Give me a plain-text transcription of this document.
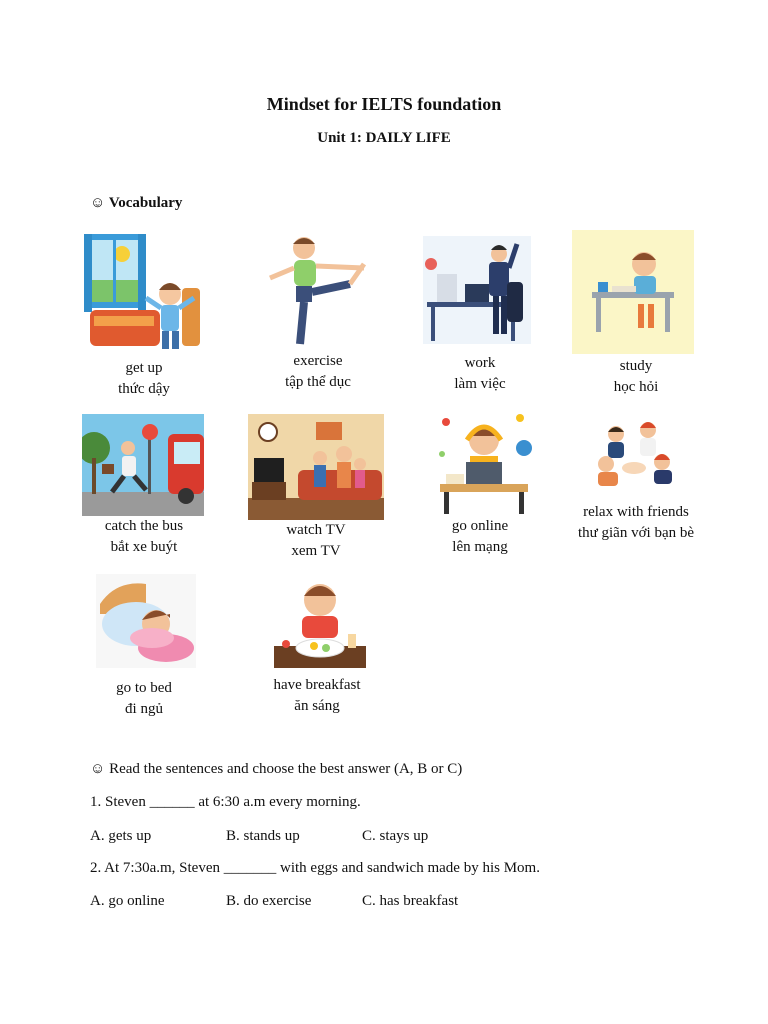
Mindset for IELTS foundation
Unit 1: DAILY LIFE
☺ Vocabulary
get up
thức dậy
exercise
tập thể dục
work
làm việc
study
học hỏi
catch the bus
bắt xe buýt
watch TV
xem TV
go online
lên mạng
relax with friends
thư giãn với bạn bè
go to bed
đi ngủ
have breakfast
ăn sáng
☺ Read the sentences and choose the best answer (A, B or C)
1. Steven ______ at 6:30 a.m every morning.
A. gets up	B. stands up	C. stays up
2. At 7:30a.m, Steven _______ with eggs and sandwich made by his Mom.
A. go online	B. do exercise	C. has breakfast
